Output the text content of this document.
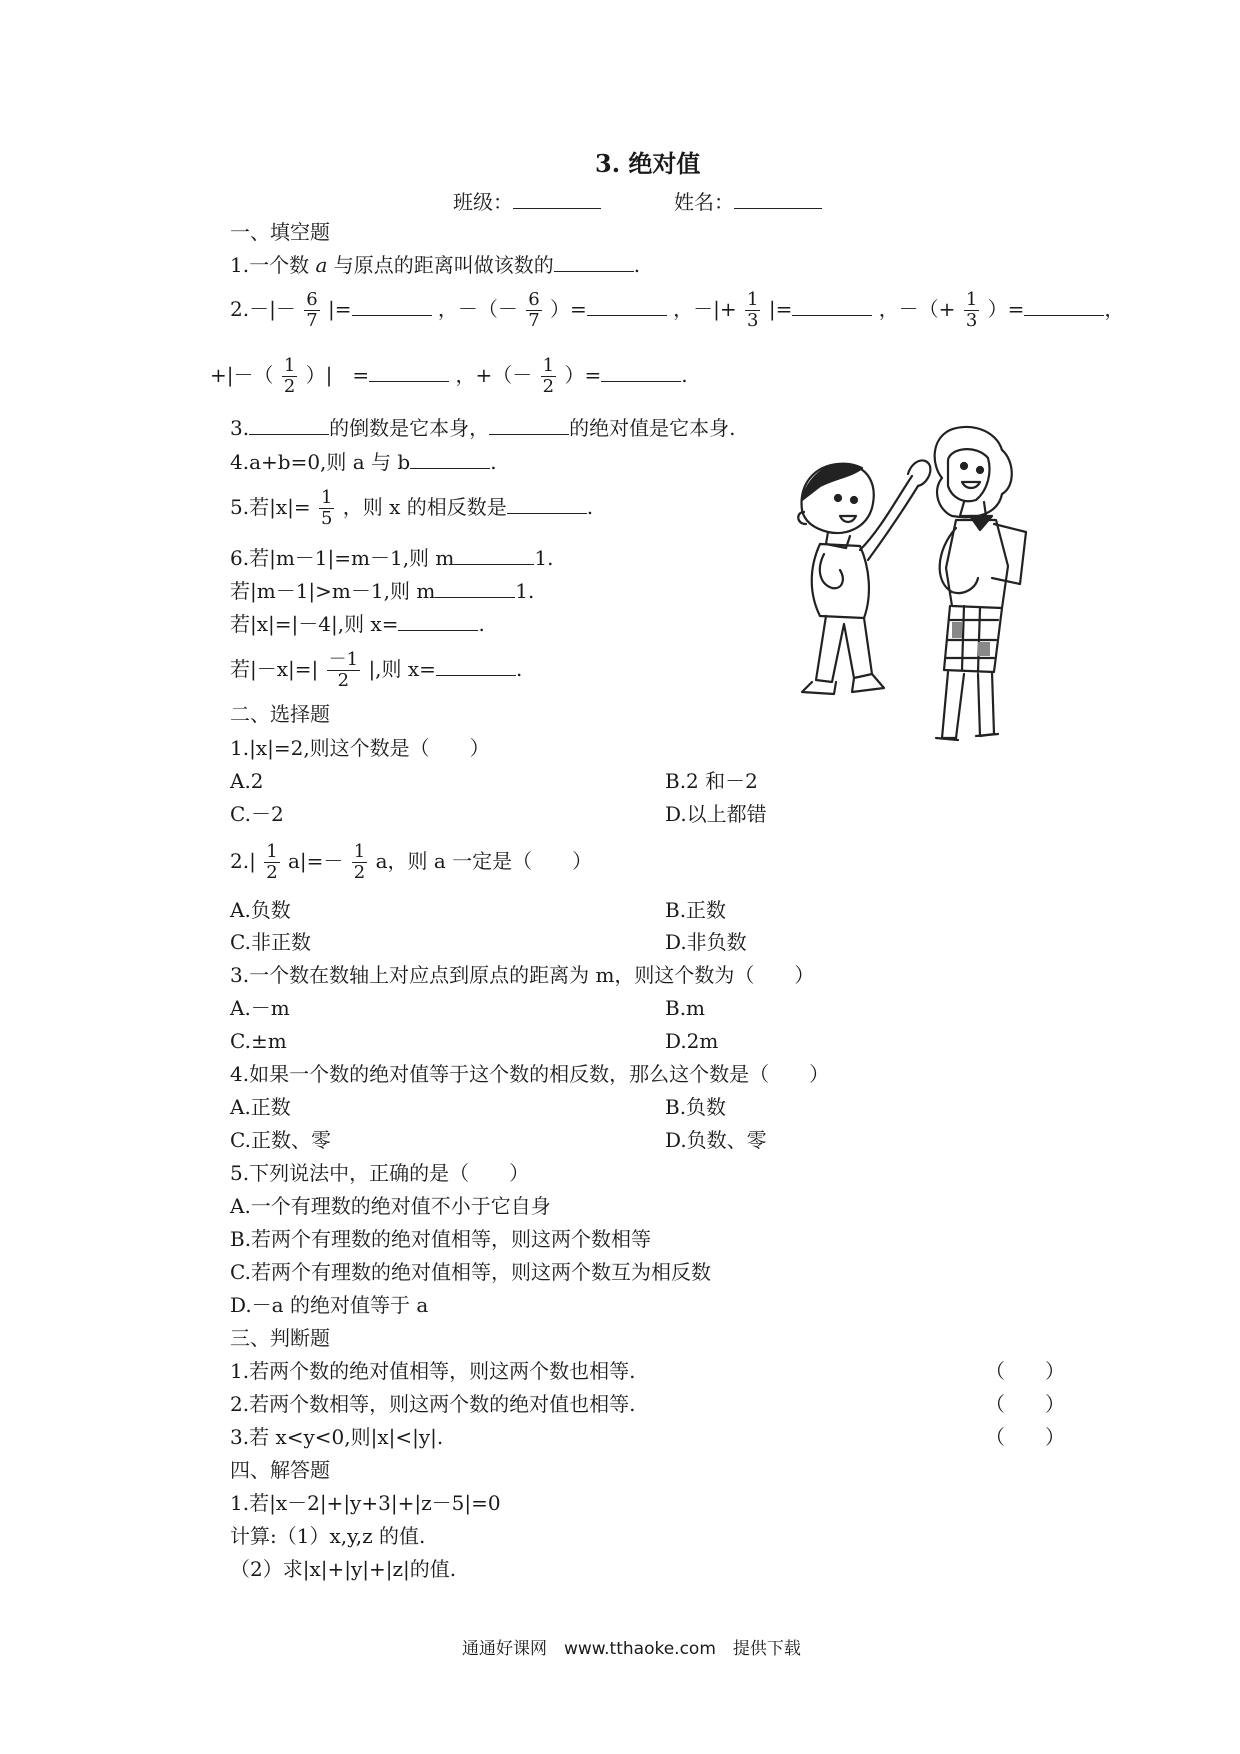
3. 绝对值
班级：	姓名：
一、填空题
1.一个数 a 与原点的距离叫做该数的	.
$2.-|- \frac{6}{7}$ |=	，－（－ $\frac{6}{7}$ ）=	，－|+ $\frac{1}{3}$ |=	，－（+ $\frac{1}{3}$ ）=	，
+|－（ $\frac{1}{2}$ ）|　=	，+（－ $\frac{1}{2}$ ）=	.
3.	的倒数是它本身，	的绝对值是它本身.
4.a+b=0,则 a 与 b	.
5.若$|x|= \frac{1}{5}$ ，则 x 的相反数是	.
6.若|m－1|=m－1,则 m	1.
若|m－1|>m－1,则 m	1.
若|x|=|－4|,则 x=	.
若$|-x|=| \frac{-1}{2}$ |,则 x=	.
二、选择题
1.|x|=2,则这个数是（　　）
A.2	B.2 和－2
C.－2	D.以上都错
$2.| \frac{1}{2} a|=- \frac{1}{2}$ a，则 a 一定是（　　）
A.负数	B.正数
C.非正数	D.非负数
3.一个数在数轴上对应点到原点的距离为 m，则这个数为（　　）
A.－m	B.m
C.±m	D.2m
4.如果一个数的绝对值等于这个数的相反数，那么这个数是（　　）
A.正数	B.负数
C.正数、零	D.负数、零
5.下列说法中，正确的是（　　）
A.一个有理数的绝对值不小于它自身
B.若两个有理数的绝对值相等，则这两个数相等
C.若两个有理数的绝对值相等，则这两个数互为相反数
D.－a 的绝对值等于 a
三、判断题
1.若两个数的绝对值相等，则这两个数也相等.	（　　）
2.若两个数相等，则这两个数的绝对值也相等.	（　　）
3.若 x<y<0,则|x|<|y|.	（　　）
四、解答题
1.若|x－2|+|y+3|+|z－5|=0
计算:（1）x,y,z 的值.
（2）求|x|+|y|+|z|的值.
通通好课网　www.tthaoke.com　提供下载
